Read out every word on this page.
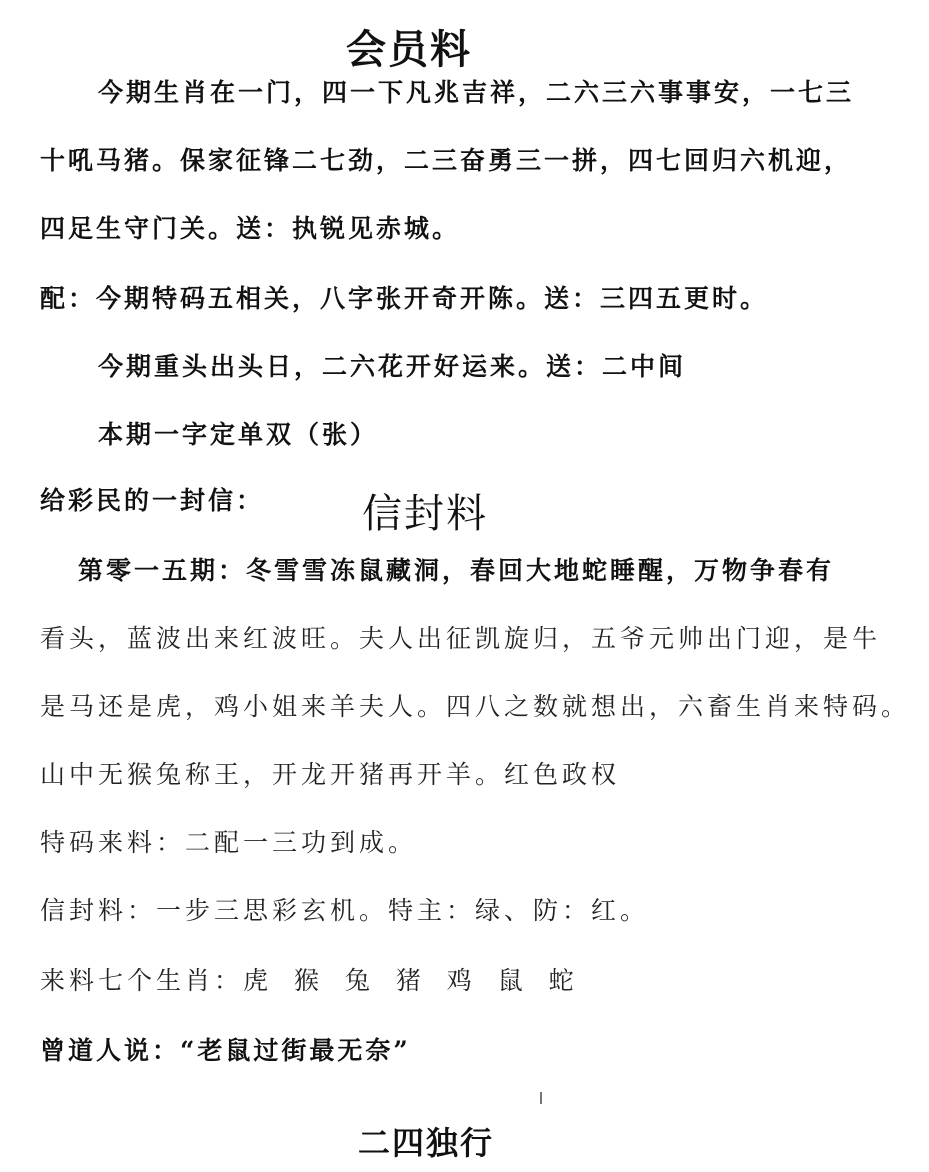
会员料
今期生肖在一门，四一下凡兆吉祥，二六三六事事安，一七三
十吼马猪。保家征锋二七劲，二三奋勇三一拼，四七回归六机迎，
四足生守门关。送：执锐见赤城。
配：今期特码五相关，八字张开奇开陈。送：三四五更时。
今期重头出头日，二六花开好运来。送：二中间
本期一字定单双（张）
给彩民的一封信： 信封料
第零一五期：冬雪雪冻鼠藏洞，春回大地蛇睡醒，万物争春有
看头，蓝波出来红波旺。夫人出征凯旋归，五爷元帅出门迎，是牛
是马还是虎，鸡小姐来羊夫人。四八之数就想出，六畜生肖来特码。
山中无猴兔称王，开龙开猪再开羊。红色政权
特码来料：二配一三功到成。
信封料：一步三思彩玄机。特主：绿、防：红。
来料七个生肖：虎 猴 兔 猪 鸡 鼠 蛇
曾道人说：“老鼠过街最无奈”
二四独行
